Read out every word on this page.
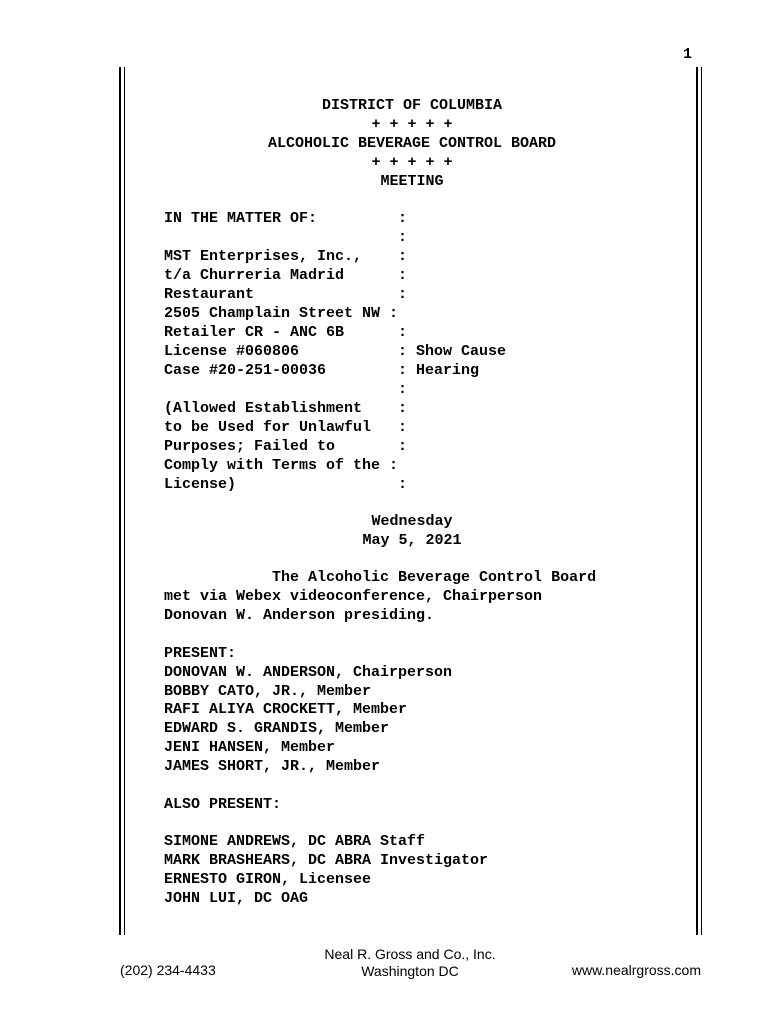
1
DISTRICT OF COLUMBIA
+ + + + +
ALCOHOLIC BEVERAGE CONTROL BOARD
+ + + + +
MEETING
IN THE MATTER OF:         :
:
MST Enterprises, Inc.,    :
t/a Churreria Madrid      :
Restaurant                :
2505 Champlain Street NW :
Retailer CR - ANC 6B      :
License #060806           : Show Cause
Case #20-251-00036        : Hearing
:
(Allowed Establishment    :
to be Used for Unlawful   :
Purposes; Failed to       :
Comply with Terms of the :
License)                  :
Wednesday
May 5, 2021
The Alcoholic Beverage Control Board
met via Webex videoconference, Chairperson
Donovan W. Anderson presiding.
PRESENT:
DONOVAN W. ANDERSON, Chairperson
BOBBY CATO, JR., Member
RAFI ALIYA CROCKETT, Member
EDWARD S. GRANDIS, Member
JENI HANSEN, Member
JAMES SHORT, JR., Member
ALSO PRESENT:
SIMONE ANDREWS, DC ABRA Staff
MARK BRASHEARS, DC ABRA Investigator
ERNESTO GIRON, Licensee
JOHN LUI, DC OAG
(202) 234-4433
Neal R. Gross and Co., Inc.
Washington DC	www.nealrgross.com
